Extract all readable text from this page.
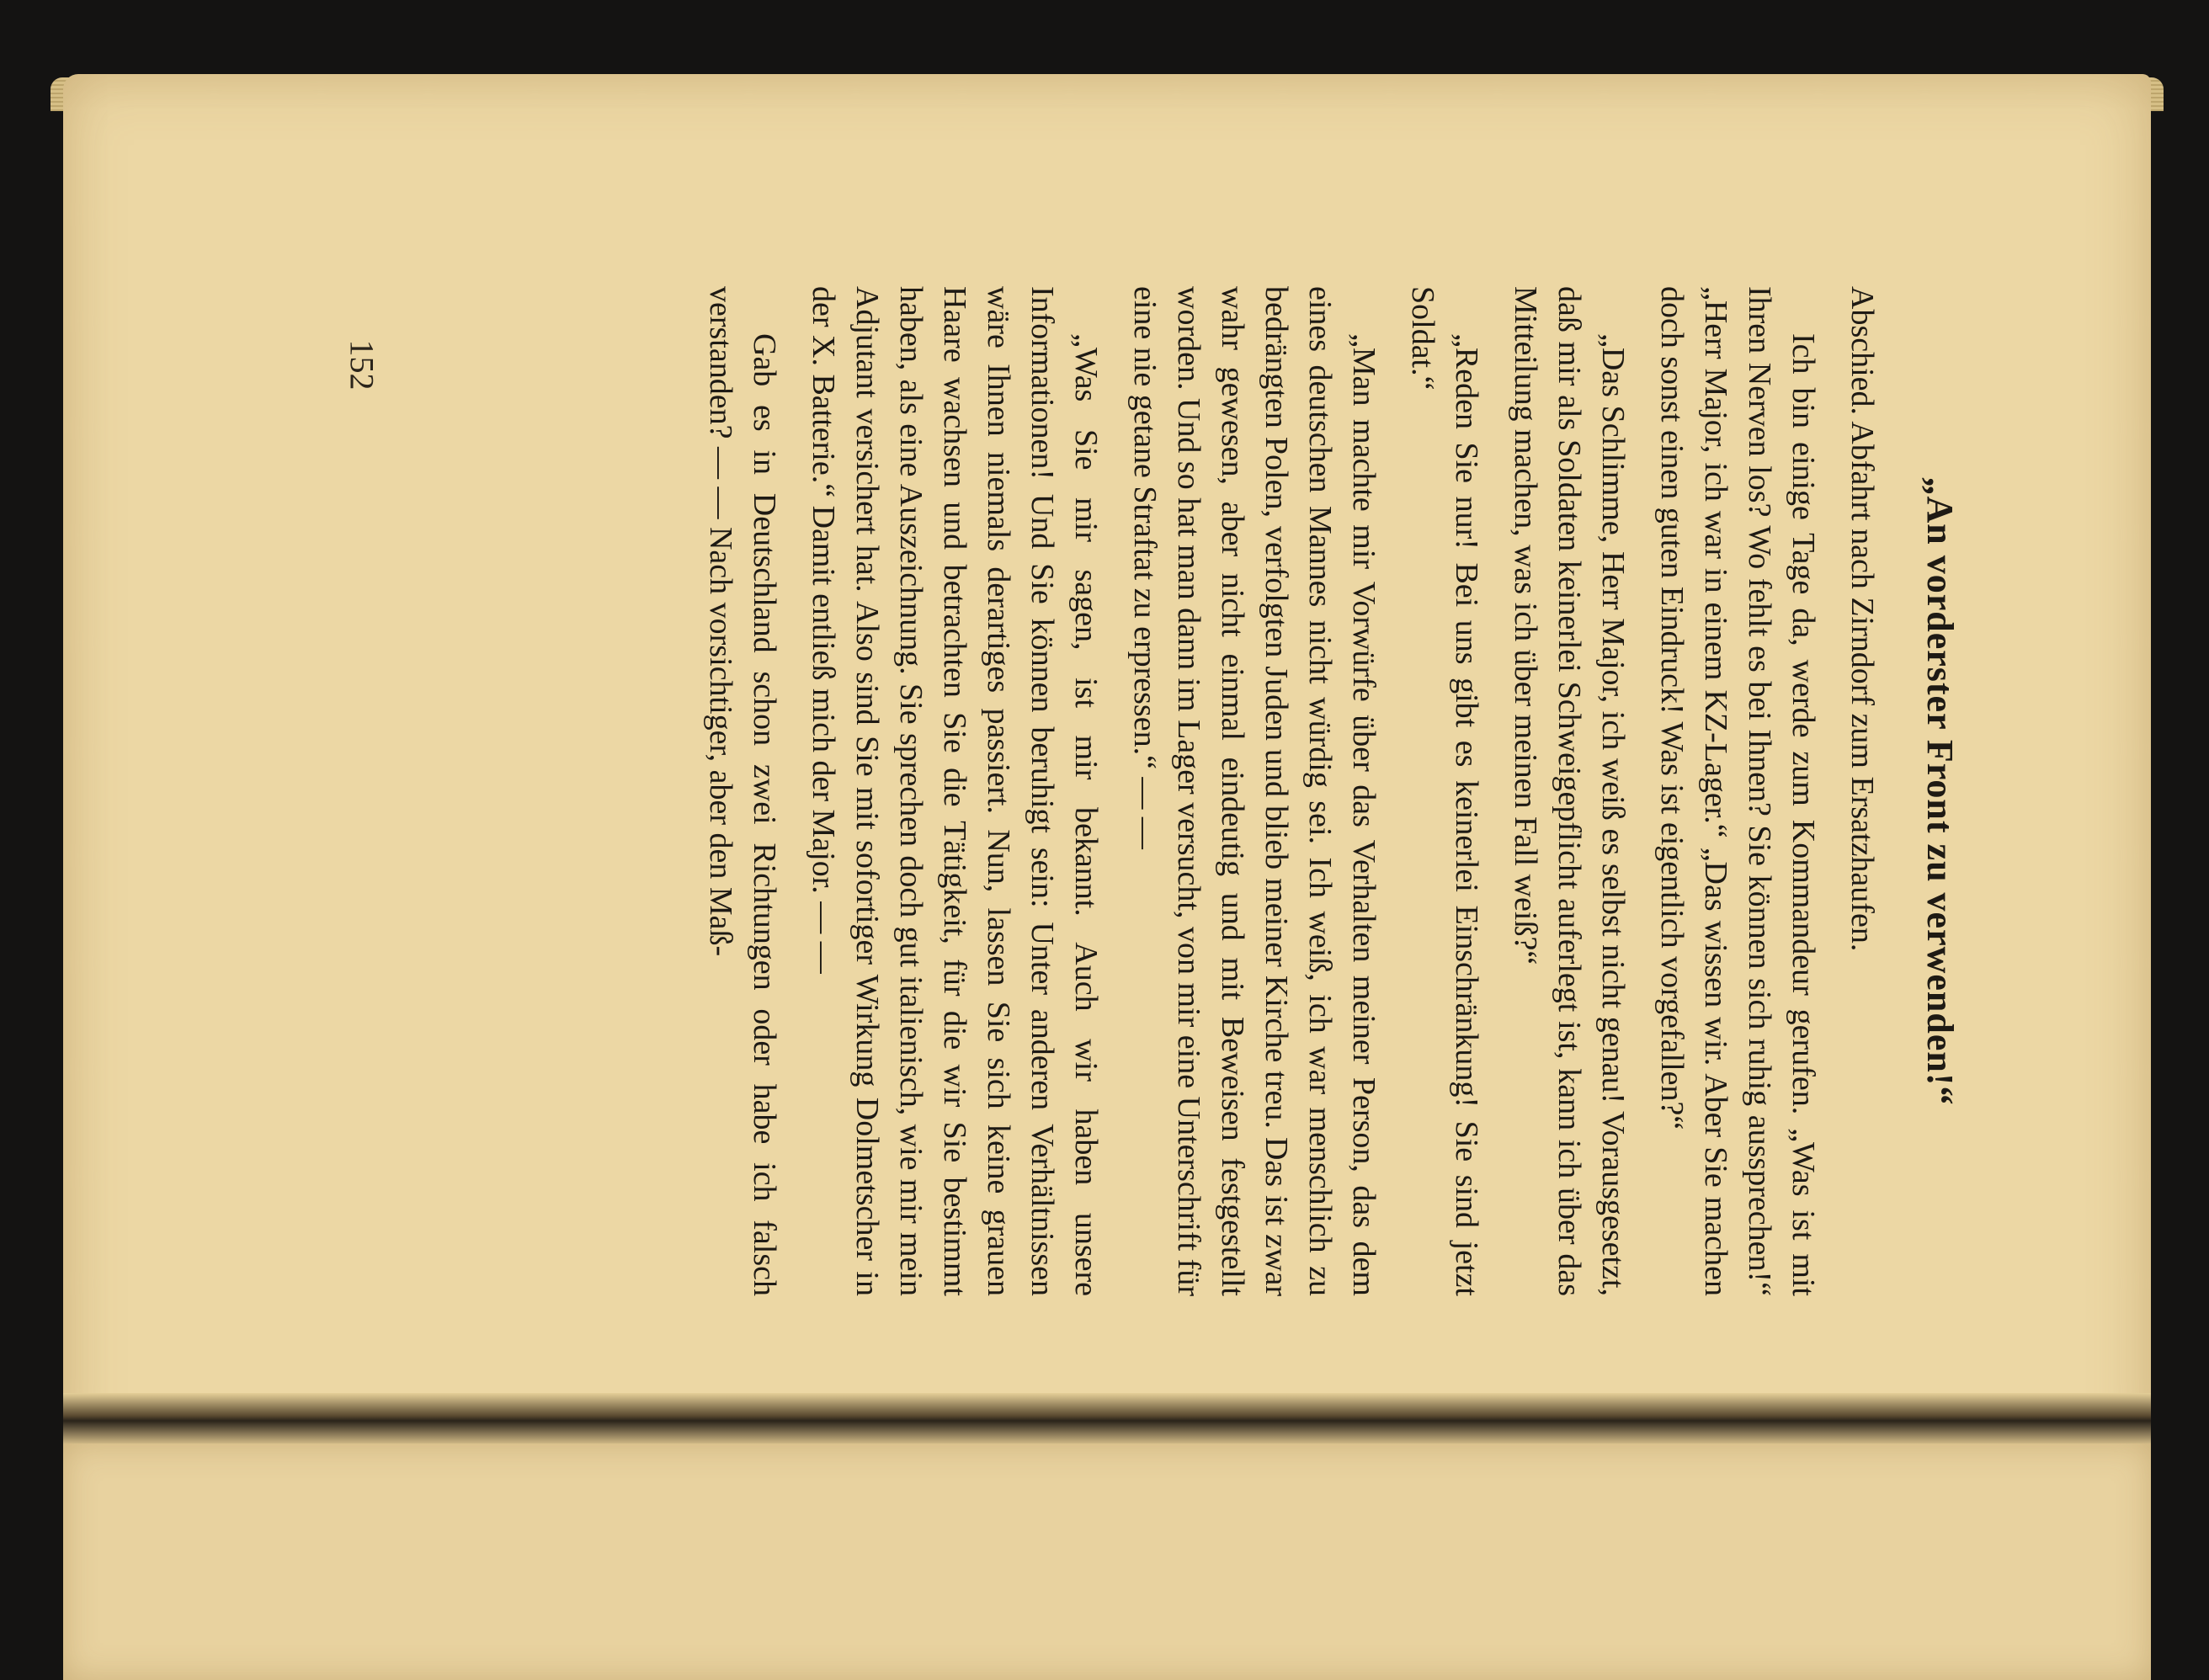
„An vorderster Front zu verwenden!“

Abschied. Abfahrt nach Zirndorf zum Ersatzhaufen.

Ich bin einige Tage da, werde zum Kommandeur gerufen. „Was ist mit Ihren Nerven los? Wo fehlt es bei Ihnen? Sie können sich ruhig aussprechen!“ „Herr Major, ich war in einem KZ-Lager.“ „Das wissen wir. Aber Sie machen doch sonst einen guten Eindruck! Was ist eigentlich vorgefallen?“

„Das Schlimme, Herr Major, ich weiß es selbst nicht genau! Vorausgesetzt, daß mir als Soldaten keinerlei Schweigepflicht auferlegt ist, kann ich über das Mitteilung machen, was ich über meinen Fall weiß?“

„Reden Sie nur! Bei uns gibt es keinerlei Einschränkung! Sie sind jetzt Soldat.“

„Man machte mir Vorwürfe über das Verhalten meiner Person, das dem eines deutschen Mannes nicht würdig sei. Ich weiß, ich war menschlich zu bedrängten Polen, verfolgten Juden und blieb meiner Kirche treu. Das ist zwar wahr gewesen, aber nicht einmal eindeutig und mit Beweisen festgestellt worden. Und so hat man dann im Lager versucht, von mir eine Unterschrift für eine nie getane Straftat zu erpressen.“ — —

„Was Sie mir sagen, ist mir bekannt. Auch wir haben unsere Informationen! Und Sie können beruhigt sein: Unter anderen Verhältnissen wäre Ihnen niemals derartiges passiert. Nun, lassen Sie sich keine grauen Haare wachsen und betrachten Sie die Tätigkeit, für die wir Sie bestimmt haben, als eine Auszeichnung. Sie sprechen doch gut italienisch, wie mir mein Adjutant versichert hat. Also sind Sie mit sofortiger Wirkung Dolmetscher in der X. Batterie.“ Damit entließ mich der Major. — —

Gab es in Deutschland schon zwei Richtungen oder habe ich falsch verstanden? — — Nach vorsichtiger, aber den Maß-

152
